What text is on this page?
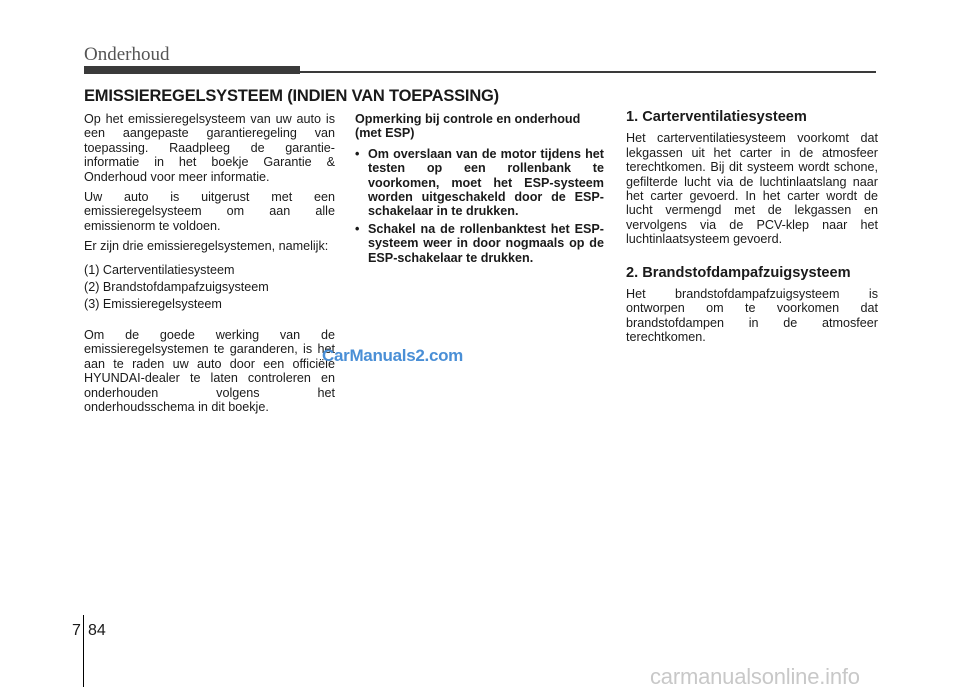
Onderhoud
EMISSIEREGELSYSTEEM (INDIEN VAN TOEPASSING)

Op het emissieregelsysteem van uw auto is een aangepaste garantieregeling van toepassing. Raadpleeg de garantie-informatie in het boekje Garantie & Onderhoud voor meer informatie.

Uw auto is uitgerust met een emissieregelsysteem om aan alle emissienorm te voldoen.

Er zijn drie emissieregelsystemen, namelijk:

(1) Carterventilatiesysteem

(2) Brandstofdampafzuigsysteem

(3) Emissieregelsysteem

Om de goede werking van de emissieregelsystemen te garanderen, is het aan te raden uw auto door een officiële HYUNDAI-dealer te laten controleren en onderhouden volgens het onderhoudsschema in dit boekje.

Opmerking bij controle en onderhoud (met ESP)
• Om overslaan van de motor tijdens het testen op een rollenbank te voorkomen, moet het ESP-systeem worden uitgeschakeld door de ESP-schakelaar in te drukken.
• Schakel na de rollenbanktest het ESP-systeem weer in door nogmaals op de ESP-schakelaar te drukken.
1. Carterventilatiesysteem

Het carterventilatiesysteem voorkomt dat lekgassen uit het carter in de atmosfeer terechtkomen. Bij dit systeem wordt schone, gefilterde lucht via de luchtinlaatslang naar het carter gevoerd. In het carter wordt de lucht vermengd met de lekgassen en vervolgens via de PCV-klep naar het luchtinlaatsysteem gevoerd.

2. Brandstofdampafzuigsysteem

Het brandstofdampafzuigsysteem is ontworpen om te voorkomen dat brandstofdampen in de atmosfeer terechtkomen.

CarManuals2.com
7 84
carmanualsonline.info
